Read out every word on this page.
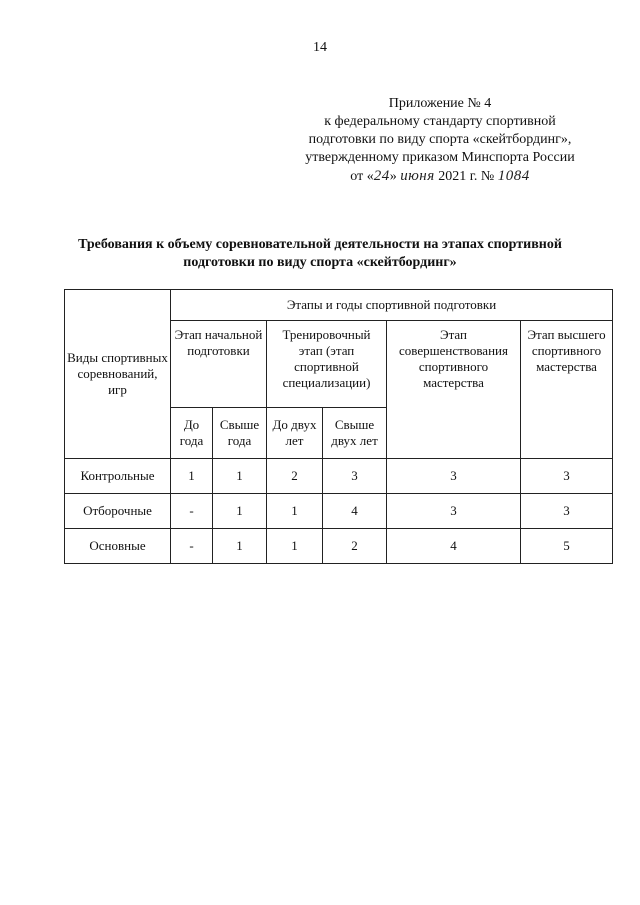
14
Приложение № 4
к федеральному стандарту спортивной
подготовки по виду спорта «скейтбординг»,
утвержденному приказом Минспорта России
от «24» июня 2021 г. № 1084
Требования к объему соревновательной деятельности на этапах спортивной
подготовки по виду спорта «скейтбординг»
Виды спортивных соревнований, игр	Этапы и годы спортивной подготовки					
	Этап начальной подготовки		Тренировочный этап (этап спортивной специализации)		Этап совершенствования спортивного мастерства	Этап высшего спортивного мастерства
	До года	Свыше года	До двух лет	Свыше двух лет		
Контрольные	1	1	2	3	3	3
Отборочные	-	1	1	4	3	3
Основные	-	1	1	2	4	5
